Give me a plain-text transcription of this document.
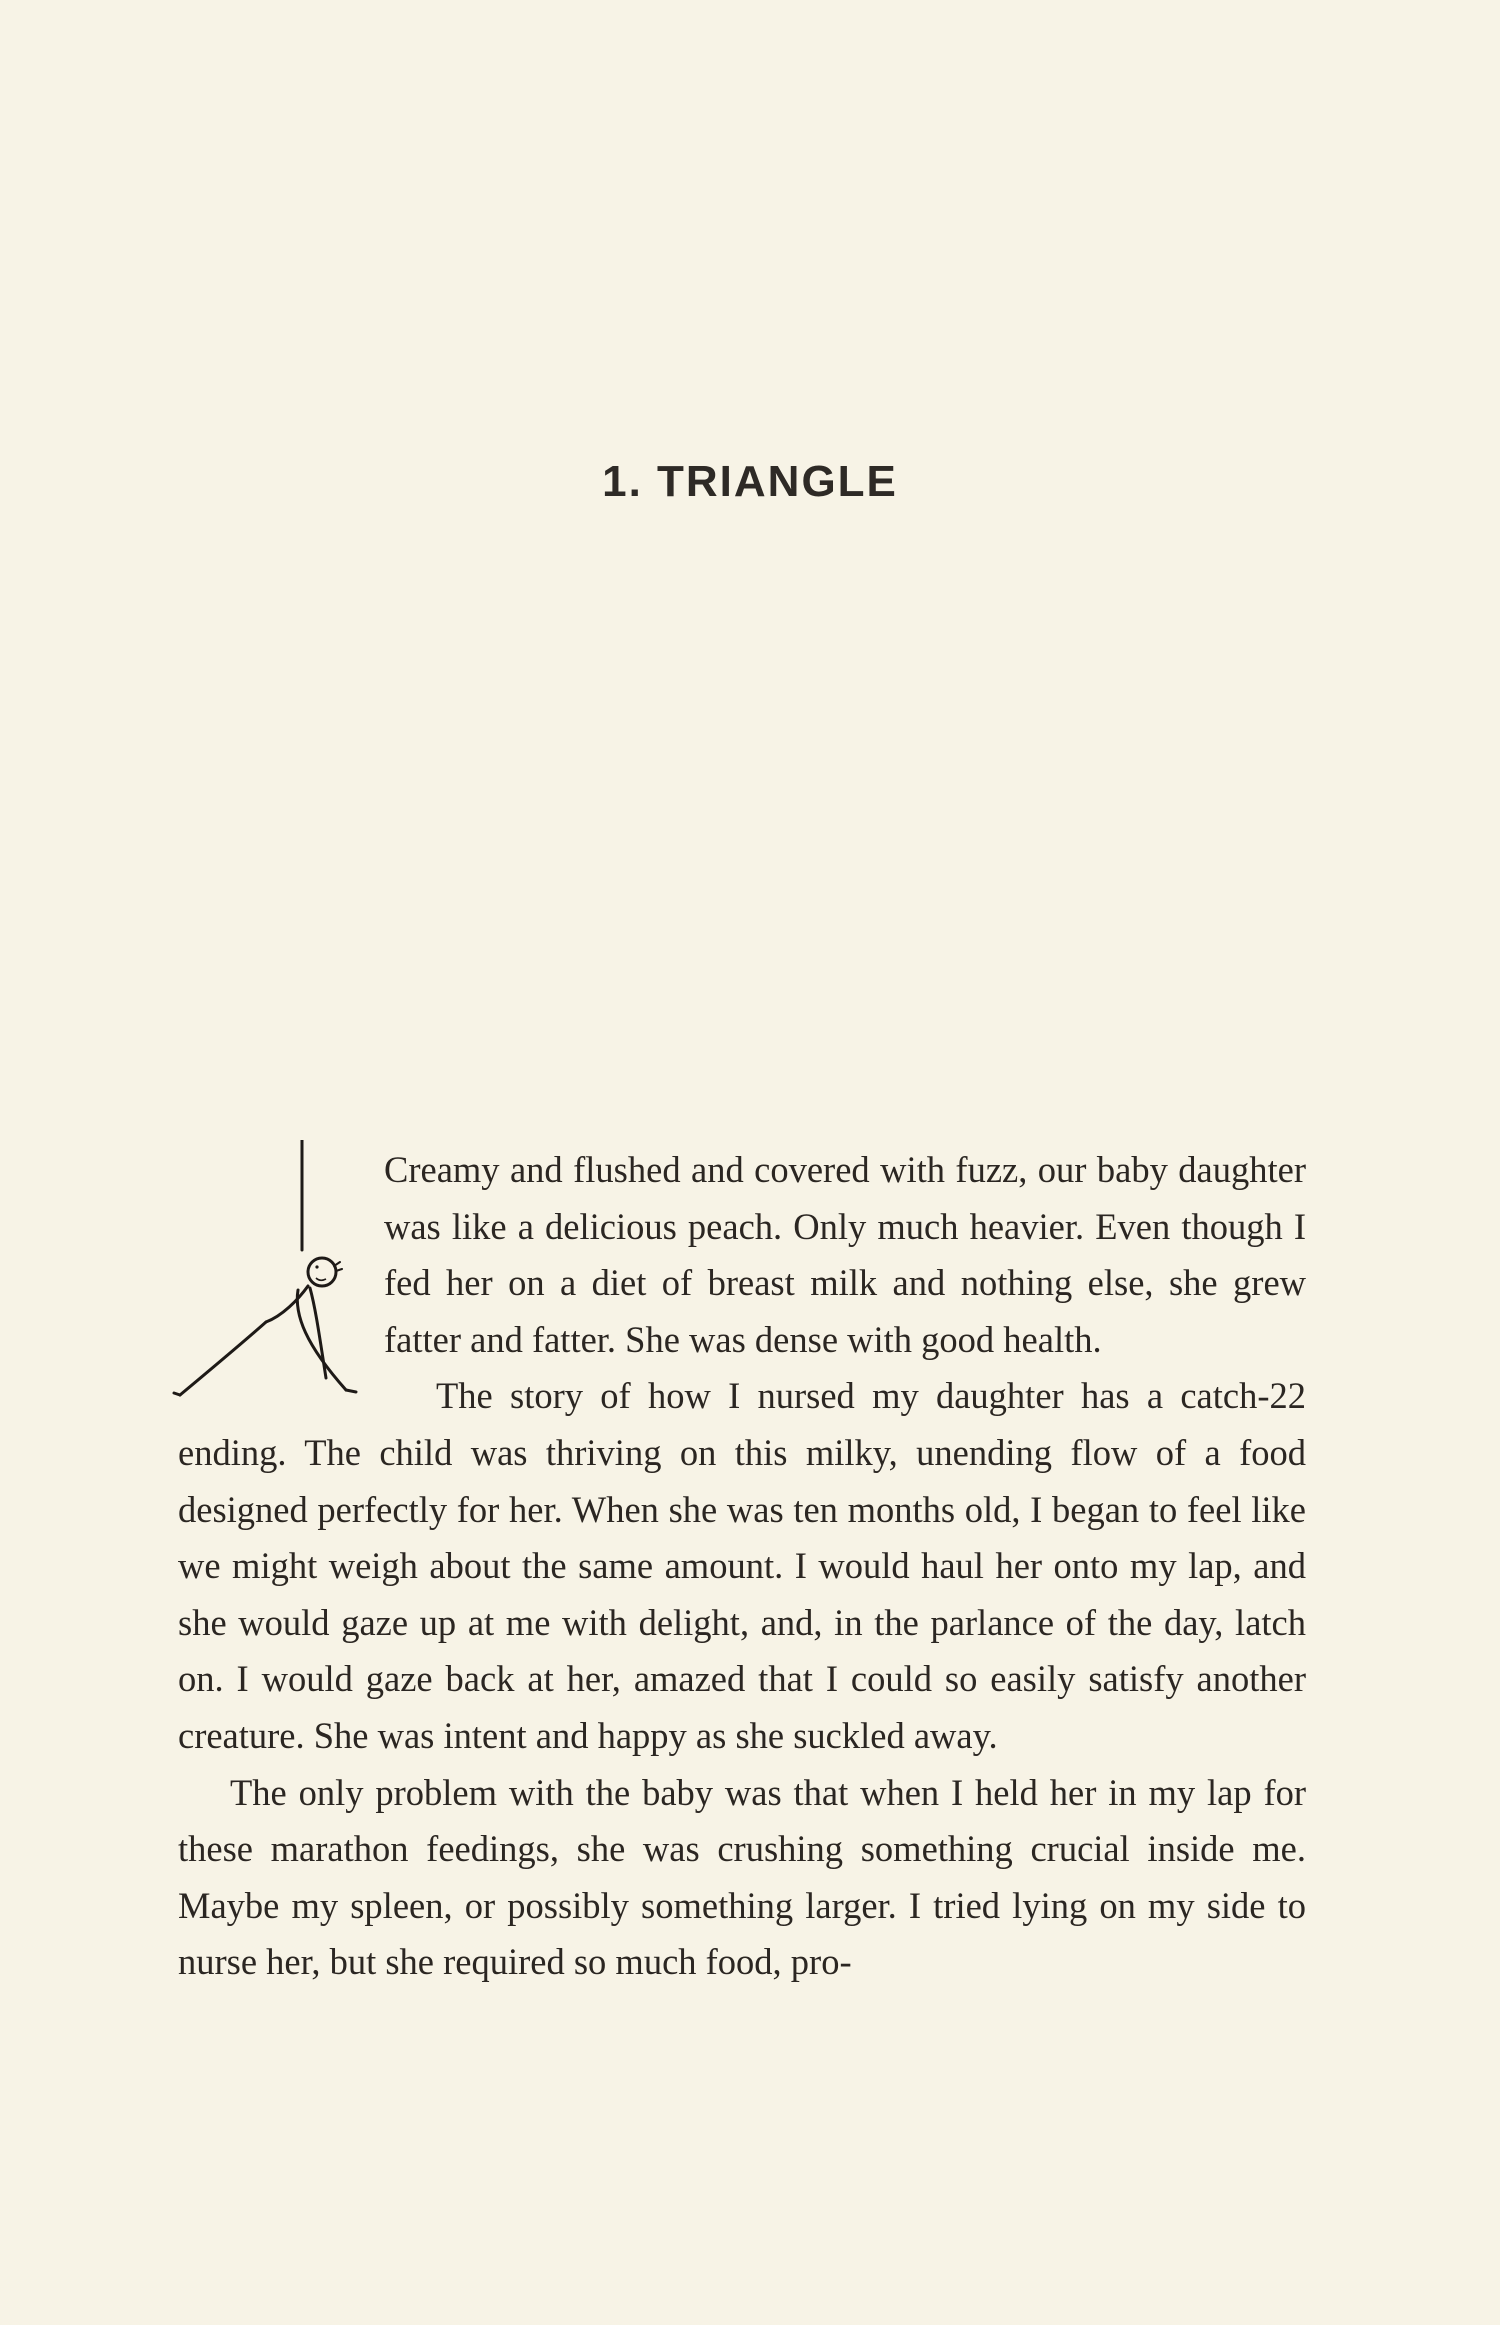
1. TRIANGLE

Creamy and flushed and covered with fuzz, our baby daughter was like a delicious peach. Only much heavier. Even though I fed her on a diet of breast milk and nothing else, she grew fatter and fatter. She was dense with good health.

The story of how I nursed my daughter has a catch-22 ending. The child was thriving on this milky, unending flow of a food designed perfectly for her. When she was ten months old, I began to feel like we might weigh about the same amount. I would haul her onto my lap, and she would gaze up at me with delight, and, in the parlance of the day, latch on. I would gaze back at her, amazed that I could so easily satisfy another creature. She was intent and happy as she suckled away.

The only problem with the baby was that when I held her in my lap for these marathon feedings, she was crushing something crucial inside me. Maybe my spleen, or possibly something larger. I tried lying on my side to nurse her, but she required so much food, pro-
